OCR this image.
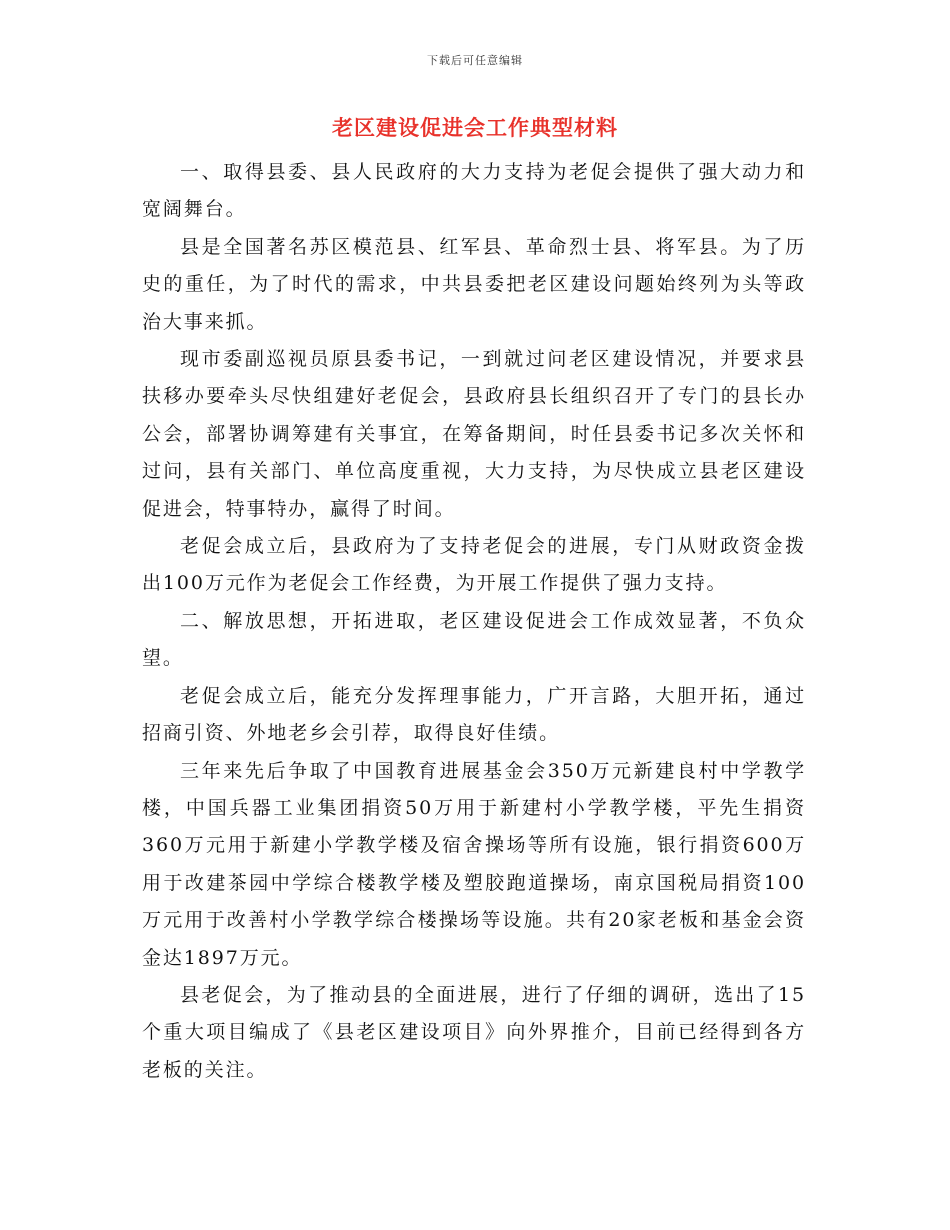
下载后可任意编辑
老区建设促进会工作典型材料

一、取得县委、县人民政府的大力支持为老促会提供了强大动力和宽阔舞台。

县是全国著名苏区模范县、红军县、革命烈士县、将军县。为了历史的重任，为了时代的需求，中共县委把老区建设问题始终列为头等政治大事来抓。

现市委副巡视员原县委书记，一到就过问老区建设情况，并要求县扶移办要牵头尽快组建好老促会，县政府县长组织召开了专门的县长办公会，部署协调筹建有关事宜，在筹备期间，时任县委书记多次关怀和过问，县有关部门、单位高度重视，大力支持，为尽快成立县老区建设促进会，特事特办，赢得了时间。

老促会成立后，县政府为了支持老促会的进展，专门从财政资金拨出100万元作为老促会工作经费，为开展工作提供了强力支持。

二、解放思想，开拓进取，老区建设促进会工作成效显著，不负众望。

老促会成立后，能充分发挥理事能力，广开言路，大胆开拓，通过招商引资、外地老乡会引荐，取得良好佳绩。

三年来先后争取了中国教育进展基金会350万元新建良村中学教学楼，中国兵器工业集团捐资50万用于新建村小学教学楼，平先生捐资360万元用于新建小学教学楼及宿舍操场等所有设施，银行捐资600万用于改建茶园中学综合楼教学楼及塑胶跑道操场，南京国税局捐资100万元用于改善村小学教学综合楼操场等设施。共有20家老板和基金会资金达1897万元。

县老促会，为了推动县的全面进展，进行了仔细的调研，选出了15个重大项目编成了《县老区建设项目》向外界推介，目前已经得到各方老板的关注。
